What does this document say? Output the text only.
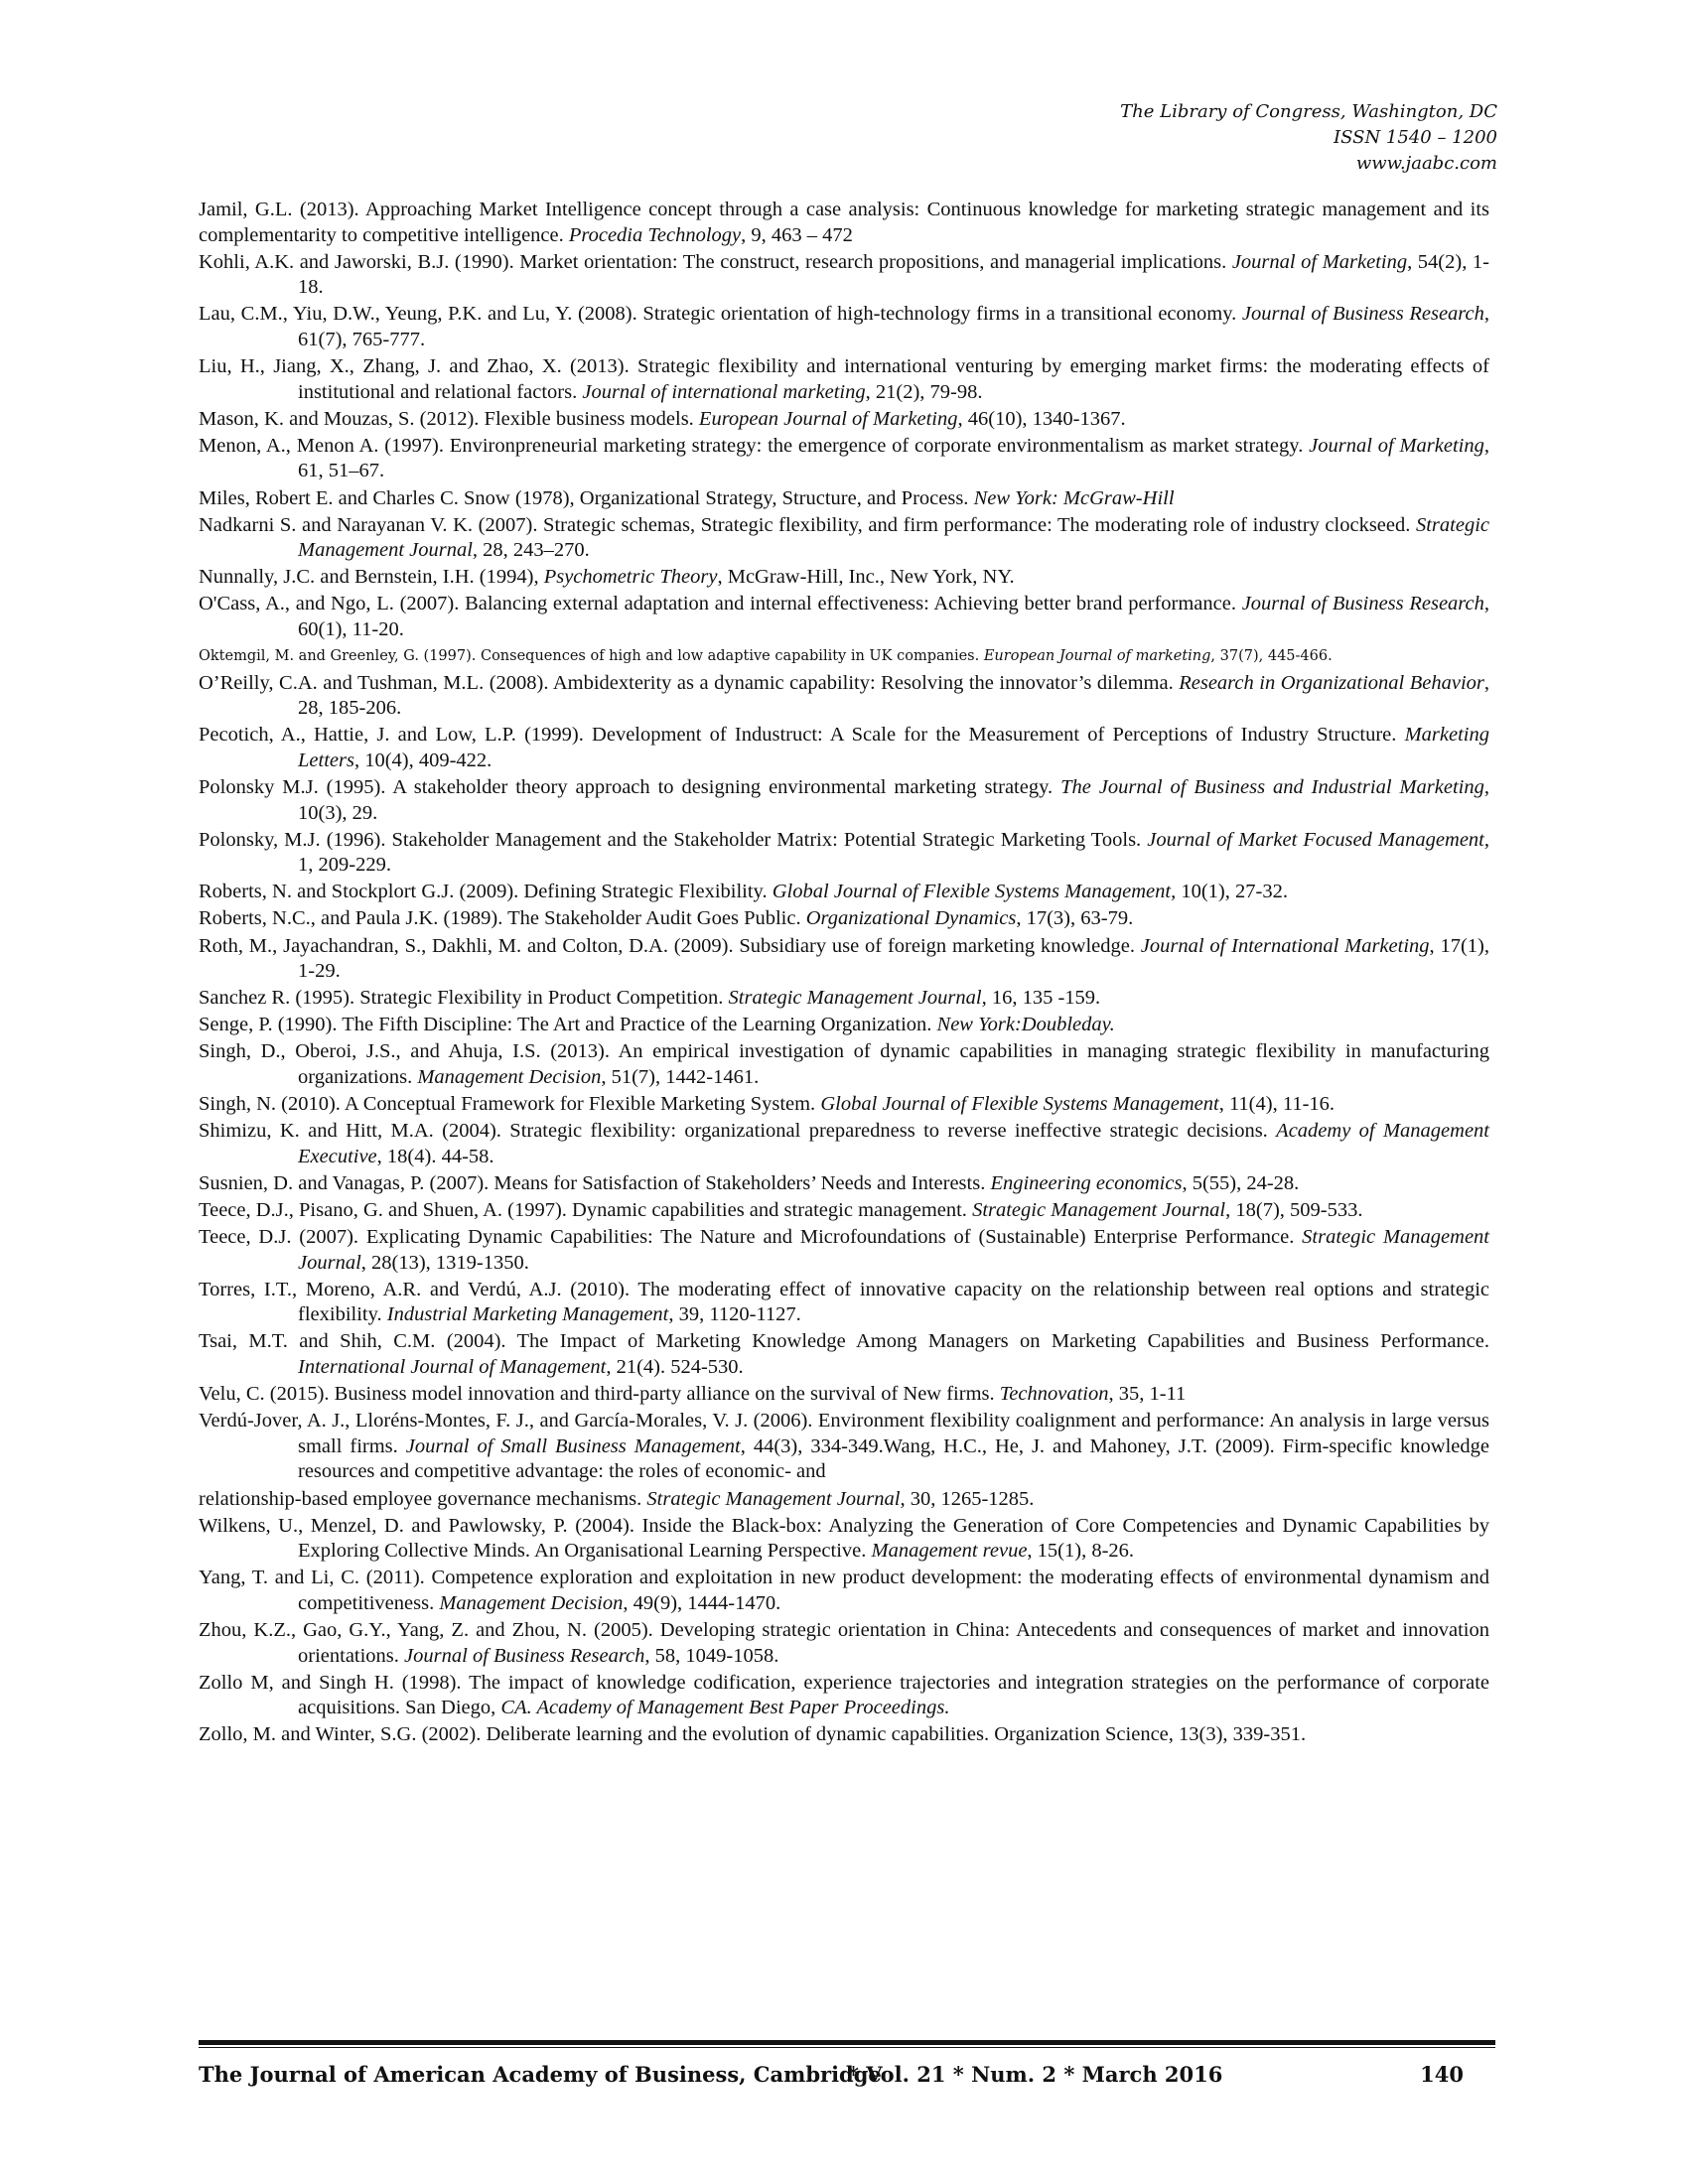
The Library of Congress, Washington, DC
ISSN 1540 – 1200
www.jaabc.com

Jamil, G.L. (2013). Approaching Market Intelligence concept through a case analysis: Continuous knowledge for marketing strategic management and its complementarity to competitive intelligence. Procedia Technology, 9, 463 – 472

Kohli, A.K. and Jaworski, B.J. (1990). Market orientation: The construct, research propositions, and managerial implications. Journal of Marketing, 54(2), 1-18.

Lau, C.M., Yiu, D.W., Yeung, P.K. and Lu, Y. (2008). Strategic orientation of high-technology firms in a transitional economy. Journal of Business Research, 61(7), 765-777.

Liu, H., Jiang, X., Zhang, J. and Zhao, X. (2013). Strategic flexibility and international venturing by emerging market firms: the moderating effects of institutional and relational factors. Journal of international marketing, 21(2), 79-98.

Mason, K. and Mouzas, S. (2012). Flexible business models. European Journal of Marketing, 46(10), 1340-1367.

Menon, A., Menon A. (1997). Environpreneurial marketing strategy: the emergence of corporate environmentalism as market strategy. Journal of Marketing, 61, 51–67.

Miles, Robert E. and Charles C. Snow (1978), Organizational Strategy, Structure, and Process. New York: McGraw-Hill

Nadkarni S. and Narayanan V. K. (2007). Strategic schemas, Strategic flexibility, and firm performance: The moderating role of industry clockseed. Strategic Management Journal, 28, 243–270.

Nunnally, J.C. and Bernstein, I.H. (1994), Psychometric Theory, McGraw-Hill, Inc., New York, NY.

O'Cass, A., and Ngo, L. (2007). Balancing external adaptation and internal effectiveness: Achieving better brand performance. Journal of Business Research, 60(1), 11-20.

Oktemgil, M. and Greenley, G. (1997). Consequences of high and low adaptive capability in UK companies. European Journal of marketing, 37(7), 445-466.

O’Reilly, C.A. and Tushman, M.L. (2008). Ambidexterity as a dynamic capability: Resolving the innovator’s dilemma. Research in Organizational Behavior, 28, 185-206.

Pecotich, A., Hattie, J. and Low, L.P. (1999). Development of Industruct: A Scale for the Measurement of Perceptions of Industry Structure. Marketing Letters, 10(4), 409-422.

Polonsky M.J. (1995). A stakeholder theory approach to designing environmental marketing strategy. The Journal of Business and Industrial Marketing, 10(3), 29.

Polonsky, M.J. (1996). Stakeholder Management and the Stakeholder Matrix: Potential Strategic Marketing Tools. Journal of Market Focused Management, 1, 209-229.

Roberts, N. and Stockplort G.J. (2009). Defining Strategic Flexibility. Global Journal of Flexible Systems Management, 10(1), 27-32.

Roberts, N.C., and Paula J.K. (1989). The Stakeholder Audit Goes Public. Organizational Dynamics, 17(3), 63-79.

Roth, M., Jayachandran, S., Dakhli, M. and Colton, D.A. (2009). Subsidiary use of foreign marketing knowledge. Journal of International Marketing, 17(1), 1-29.

Sanchez R. (1995). Strategic Flexibility in Product Competition. Strategic Management Journal, 16, 135 -159.

Senge, P. (1990). The Fifth Discipline: The Art and Practice of the Learning Organization. New York:Doubleday.

Singh, D., Oberoi, J.S., and Ahuja, I.S. (2013). An empirical investigation of dynamic capabilities in managing strategic flexibility in manufacturing organizations. Management Decision, 51(7), 1442-1461.

Singh, N. (2010). A Conceptual Framework for Flexible Marketing System. Global Journal of Flexible Systems Management, 11(4), 11-16.

Shimizu, K. and Hitt, M.A. (2004). Strategic flexibility: organizational preparedness to reverse ineffective strategic decisions. Academy of Management Executive, 18(4). 44-58.

Susnien, D. and Vanagas, P. (2007). Means for Satisfaction of Stakeholders’ Needs and Interests. Engineering economics, 5(55), 24-28.

Teece, D.J., Pisano, G. and Shuen, A. (1997). Dynamic capabilities and strategic management. Strategic Management Journal, 18(7), 509-533.

Teece, D.J. (2007). Explicating Dynamic Capabilities: The Nature and Microfoundations of (Sustainable) Enterprise Performance. Strategic Management Journal, 28(13), 1319-1350.

Torres, I.T., Moreno, A.R. and Verdú, A.J. (2010). The moderating effect of innovative capacity on the relationship between real options and strategic flexibility. Industrial Marketing Management, 39, 1120-1127.

Tsai, M.T. and Shih, C.M. (2004). The Impact of Marketing Knowledge Among Managers on Marketing Capabilities and Business Performance. International Journal of Management, 21(4). 524-530.

Velu, C. (2015). Business model innovation and third-party alliance on the survival of New firms. Technovation, 35, 1-11

Verdú-Jover, A. J., Lloréns-Montes, F. J., and García-Morales, V. J. (2006). Environment flexibility coalignment and performance: An analysis in large versus small firms. Journal of Small Business Management, 44(3), 334-349.Wang, H.C., He, J. and Mahoney, J.T. (2009). Firm-specific knowledge resources and competitive advantage: the roles of economic- and

relationship-based employee governance mechanisms. Strategic Management Journal, 30, 1265-1285.

Wilkens, U., Menzel, D. and Pawlowsky, P. (2004). Inside the Black-box: Analyzing the Generation of Core Competencies and Dynamic Capabilities by Exploring Collective Minds. An Organisational Learning Perspective. Management revue, 15(1), 8-26.

Yang, T. and Li, C. (2011). Competence exploration and exploitation in new product development: the moderating effects of environmental dynamism and competitiveness. Management Decision, 49(9), 1444-1470.

Zhou, K.Z., Gao, G.Y., Yang, Z. and Zhou, N. (2005). Developing strategic orientation in China: Antecedents and consequences of market and innovation orientations. Journal of Business Research, 58, 1049-1058.

Zollo M, and Singh H. (1998). The impact of knowledge codification, experience trajectories and integration strategies on the performance of corporate acquisitions. San Diego, CA. Academy of Management Best Paper Proceedings.

Zollo, M. and Winter, S.G. (2002). Deliberate learning and the evolution of dynamic capabilities. Organization Science, 13(3), 339-351.

The Journal of American Academy of Business, Cambridge
* Vol. 21 * Num. 2 * March 2016	140
